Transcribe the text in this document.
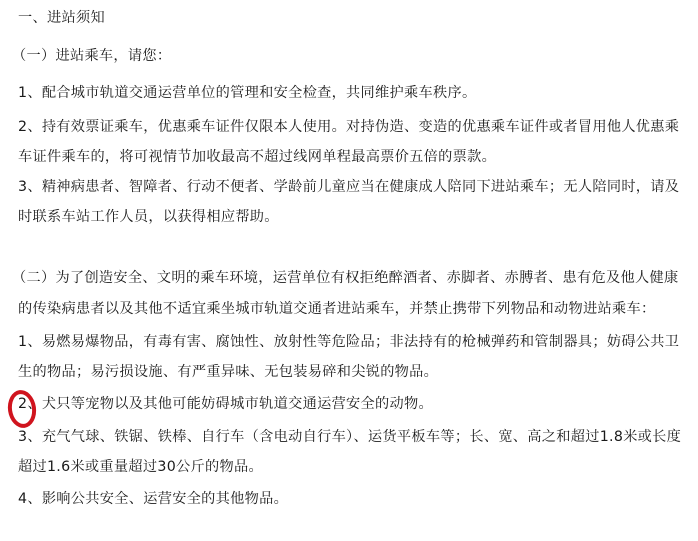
一、进站须知
（一）进站乘车，请您：
1、配合城市轨道交通运营单位的管理和安全检查，共同维护乘车秩序。
2、持有效票证乘车，优惠乘车证件仅限本人使用。对持伪造、变造的优惠乘车证件或者冒用他人优惠乘
车证件乘车的，将可视情节加收最高不超过线网单程最高票价五倍的票款。
3、精神病患者、智障者、行动不便者、学龄前儿童应当在健康成人陪同下进站乘车；无人陪同时，请及
时联系车站工作人员，以获得相应帮助。
（二）为了创造安全、文明的乘车环境，运营单位有权拒绝醉酒者、赤脚者、赤膊者、患有危及他人健康
的传染病患者以及其他不适宜乘坐城市轨道交通者进站乘车，并禁止携带下列物品和动物进站乘车：
1、易燃易爆物品，有毒有害、腐蚀性、放射性等危险品；非法持有的枪械弹药和管制器具；妨碍公共卫
生的物品；易污损设施、有严重异味、无包装易碎和尖锐的物品。
2、犬只等宠物以及其他可能妨碍城市轨道交通运营安全的动物。
3、充气气球、铁锯、铁棒、自行车（含电动自行车）、运货平板车等；长、宽、高之和超过1.8米或长度
超过1.6米或重量超过30公斤的物品。
4、影响公共安全、运营安全的其他物品。
